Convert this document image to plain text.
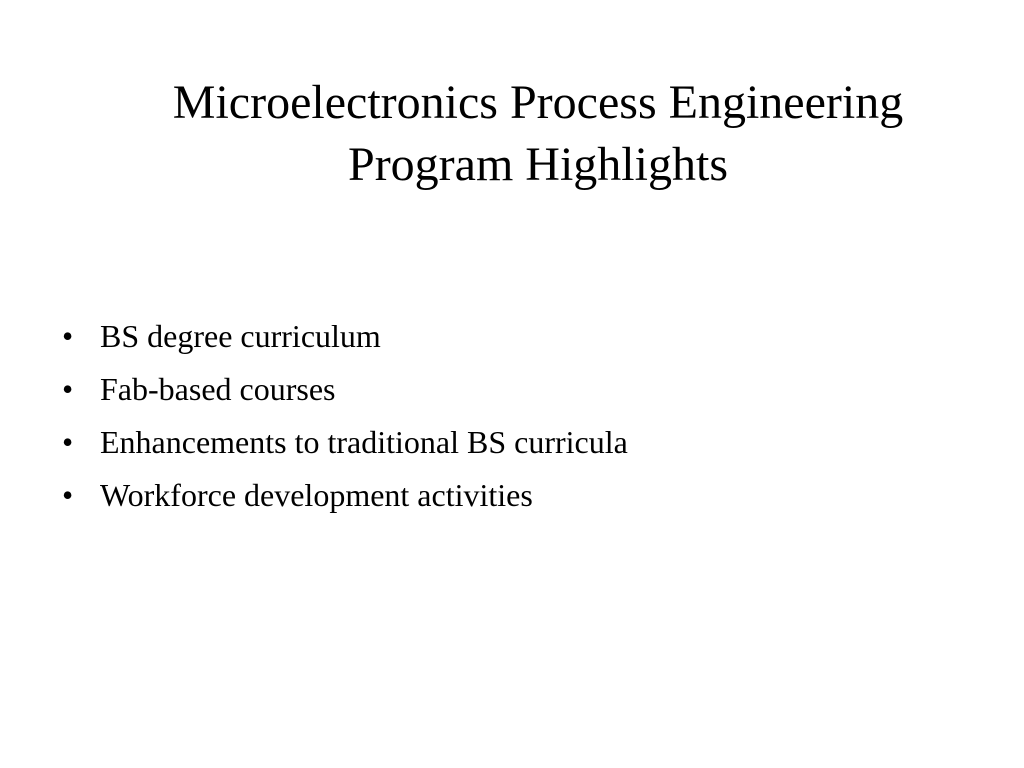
Microelectronics Process Engineering
Program Highlights
• BS degree curriculum
• Fab-based courses
• Enhancements to traditional BS curricula
• Workforce development activities
